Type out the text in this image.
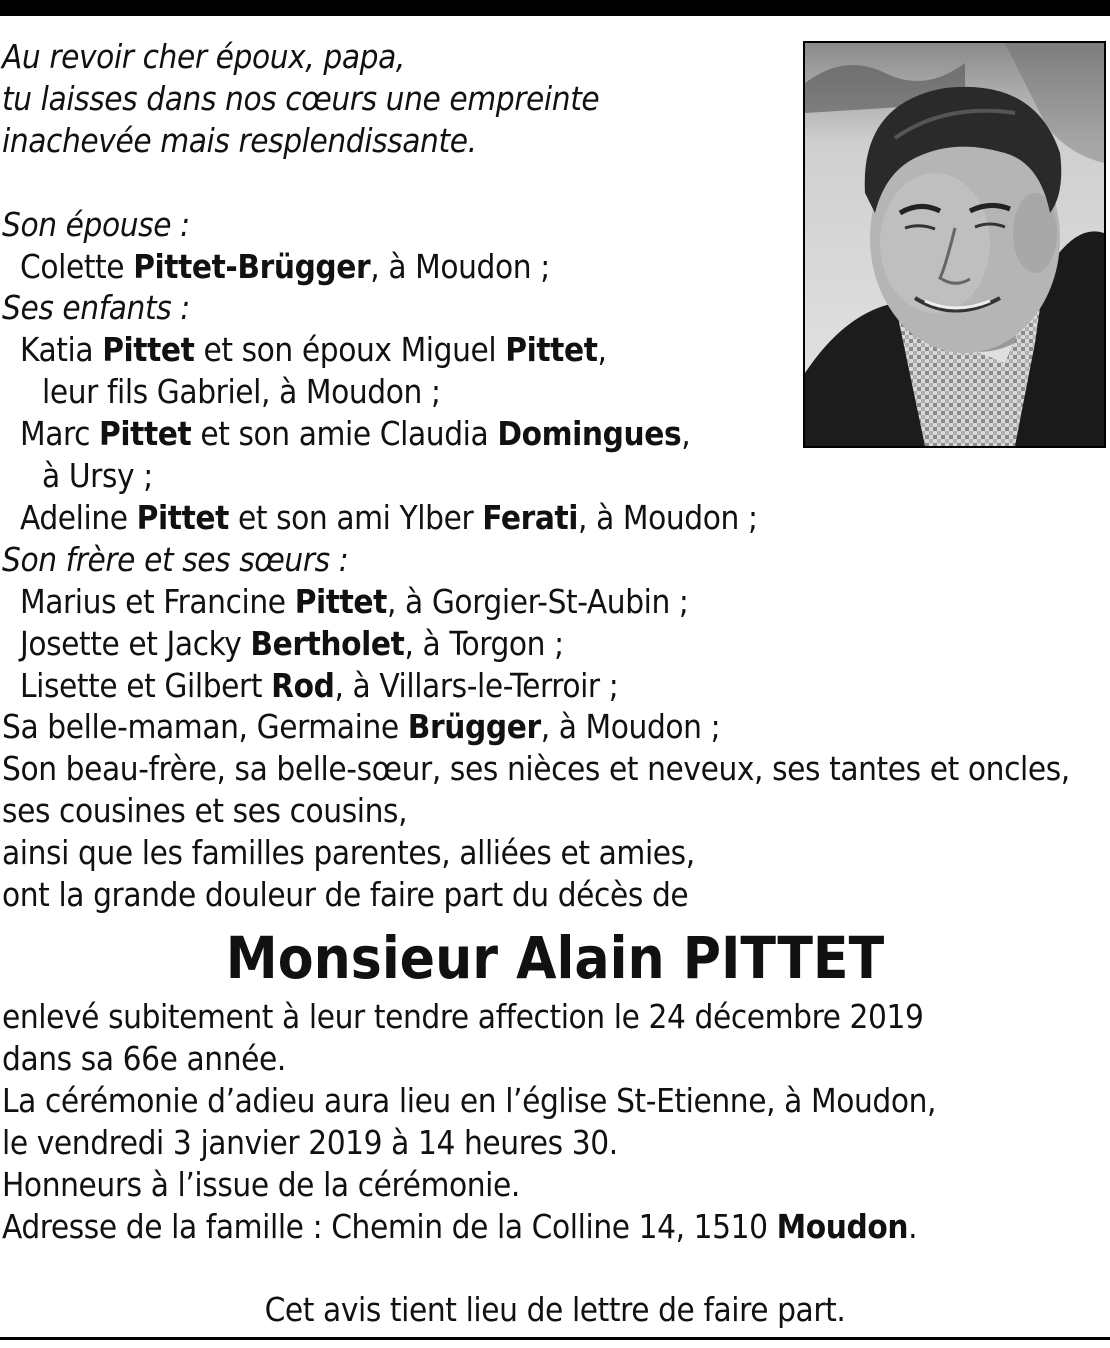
Au revoir cher époux, papa,
tu laisses dans nos cœurs une empreinte
inachevée mais resplendissante.
Son épouse :
Colette Pittet-Brügger, à Moudon ;
Ses enfants :
Katia Pittet et son époux Miguel Pittet,
leur fils Gabriel, à Moudon ;
Marc Pittet et son amie Claudia Domingues,
à Ursy ;
Adeline Pittet et son ami Ylber Ferati, à Moudon ;
Son frère et ses sœurs :
Marius et Francine Pittet, à Gorgier-St-Aubin ;
Josette et Jacky Bertholet, à Torgon ;
Lisette et Gilbert Rod, à Villars-le-Terroir ;
Sa belle-maman, Germaine Brügger, à Moudon ;
Son beau-frère, sa belle-sœur, ses nièces et neveux, ses tantes et oncles,
ses cousines et ses cousins,
ainsi que les familles parentes, alliées et amies,
ont la grande douleur de faire part du décès de
Monsieur Alain PITTET
enlevé subitement à leur tendre affection le 24 décembre 2019
dans sa 66e année.
La cérémonie d’adieu aura lieu en l’église St-Etienne, à Moudon,
le vendredi 3 janvier 2019 à 14 heures 30.
Honneurs à l’issue de la cérémonie.
Adresse de la famille : Chemin de la Colline 14, 1510 Moudon.
Cet avis tient lieu de lettre de faire part.
